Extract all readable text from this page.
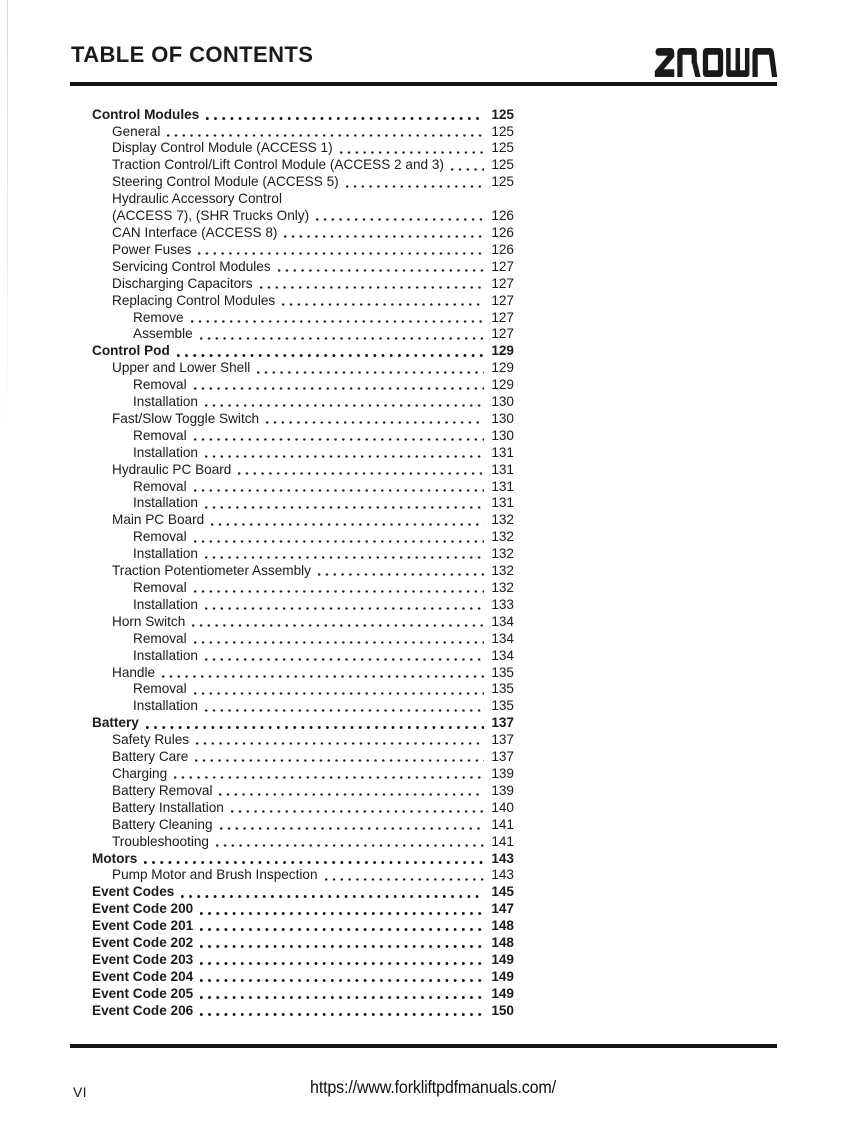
TABLE OF CONTENTS
Control Modules	125
General	125
Display Control Module (ACCESS 1)	125
Traction Control/Lift Control Module (ACCESS 2 and 3)	125
Steering Control Module (ACCESS 5)	125
Hydraulic Accessory Control
(ACCESS 7), (SHR Trucks Only)	126
CAN Interface (ACCESS 8)	126
Power Fuses	126
Servicing Control Modules	127
Discharging Capacitors	127
Replacing Control Modules	127
Remove	127
Assemble	127
Control Pod	129
Upper and Lower Shell	129
Removal	129
Installation	130
Fast/Slow Toggle Switch	130
Removal	130
Installation	131
Hydraulic PC Board	131
Removal	131
Installation	131
Main PC Board	132
Removal	132
Installation	132
Traction Potentiometer Assembly	132
Removal	132
Installation	133
Horn Switch	134
Removal	134
Installation	134
Handle	135
Removal	135
Installation	135
Battery	137
Safety Rules	137
Battery Care	137
Charging	139
Battery Removal	139
Battery Installation	140
Battery Cleaning	141
Troubleshooting	141
Motors	143
Pump Motor and Brush Inspection	143
Event Codes	145
Event Code 200	147
Event Code 201	148
Event Code 202	148
Event Code 203	149
Event Code 204	149
Event Code 205	149
Event Code 206	150
VI	https://www.forkliftpdfmanuals.com/
